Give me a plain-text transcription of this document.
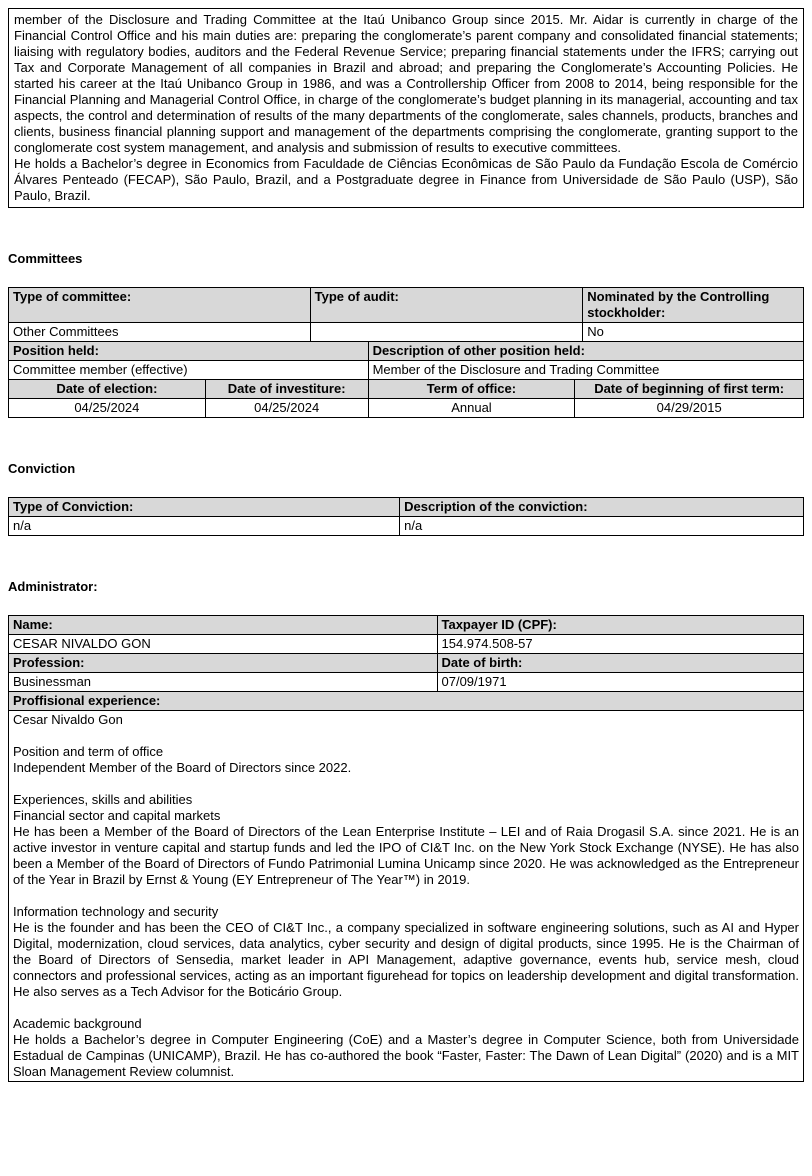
member of the Disclosure and Trading Committee at the Itaú Unibanco Group since 2015. Mr. Aidar is currently in charge of the Financial Control Office and his main duties are: preparing the conglomerate’s parent company and consolidated financial statements; liaising with regulatory bodies, auditors and the Federal Revenue Service; preparing financial statements under the IFRS; carrying out Tax and Corporate Management of all companies in Brazil and abroad; and preparing the Conglomerate’s Accounting Policies. He started his career at the Itaú Unibanco Group in 1986, and was a Controllership Officer from 2008 to 2014, being responsible for the Financial Planning and Managerial Control Office, in charge of the conglomerate’s budget planning in its managerial, accounting and tax aspects, the control and determination of results of the many departments of the conglomerate, sales channels, products, branches and clients, business financial planning support and management of the departments comprising the conglomerate, granting support to the conglomerate cost system management, and analysis and submission of results to executive committees.
He holds a Bachelor’s degree in Economics from Faculdade de Ciências Econômicas de São Paulo da Fundação Escola de Comércio Álvares Penteado (FECAP), São Paulo, Brazil, and a Postgraduate degree in Finance from Universidade de São Paulo (USP), São Paulo, Brazil.
Committees
Type of committee:		Type of audit:			Nominated by the Controlling stockholder:
Other Committees					No
Position held:			Description of other position held:		
Committee member (effective)			Member of the Disclosure and Trading Committee		
Date of election:	Date of investiture:		Term of office:	Date of beginning of first term:	
04/25/2024	04/25/2024		Annual	04/29/2015	
Conviction
Type of Conviction:	Description of the conviction:
n/a	n/a
Administrator:
Name:	Taxpayer ID (CPF):
CESAR NIVALDO GON	154.974.508-57
Profession:	Date of birth:
Businessman	07/09/1971
Proffisional experience:	

Cesar Nivaldo Gon

Position and term of office
Independent Member of the Board of Directors since 2022.

Experiences, skills and abilities
Financial sector and capital markets
He has been a Member of the Board of Directors of the Lean Enterprise Institute – LEI and of Raia Drogasil S.A. since 2021. He is an active investor in venture capital and startup funds and led the IPO of CI&T Inc. on the New York Stock Exchange (NYSE). He has also been a Member of the Board of Directors of Fundo Patrimonial Lumina Unicamp since 2020. He was acknowledged as the Entrepreneur of the Year in Brazil by Ernst & Young (EY Entrepreneur of The Year™) in 2019.

Information technology and security
He is the founder and has been the CEO of CI&T Inc., a company specialized in software engineering solutions, such as AI and Hyper Digital, modernization, cloud services, data analytics, cyber security and design of digital products, since 1995. He is the Chairman of the Board of Directors of Sensedia, market leader in API Management, adaptive governance, events hub, service mesh, cloud connectors and professional services, acting as an important figurehead for topics on leadership development and digital transformation. He also serves as a Tech Advisor for the Boticário Group.

Academic background
He holds a Bachelor’s degree in Computer Engineering (CoE) and a Master’s degree in Computer Science, both from Universidade Estadual de Campinas (UNICAMP), Brazil. He has co-authored the book “Faster, Faster: The Dawn of Lean Digital” (2020) and is a MIT Sloan Management Review columnist.
